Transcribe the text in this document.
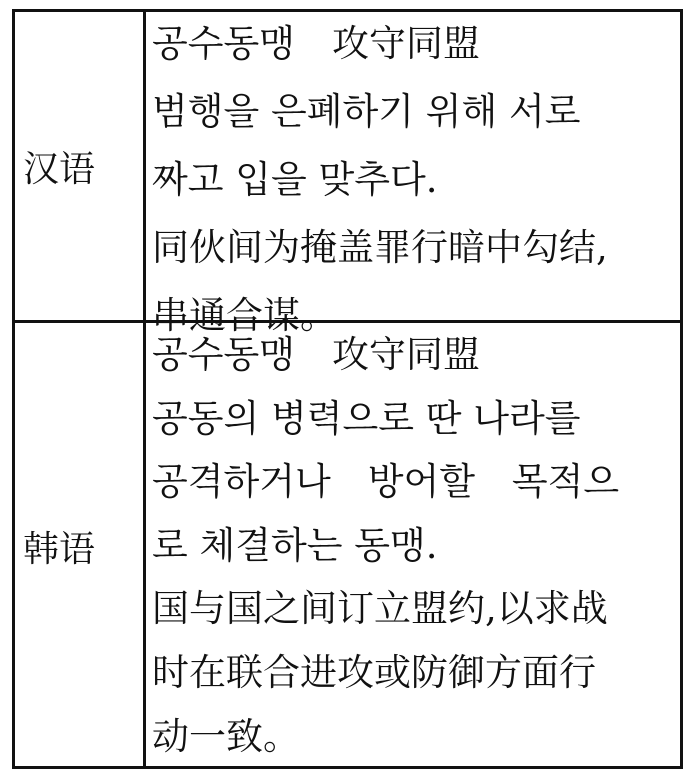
汉语
공수동맹　攻守同盟
범행을 은폐하기 위해 서로
짜고 입을 맞추다.
同伙间为掩盖罪行暗中勾结,
串通合谋。
韩语
공수동맹　攻守同盟
공동의 병력으로 딴 나라를
공격하거나　방어할　목적으
로 체결하는 동맹.
国与国之间订立盟约,以求战
时在联合进攻或防御方面行
动一致。
